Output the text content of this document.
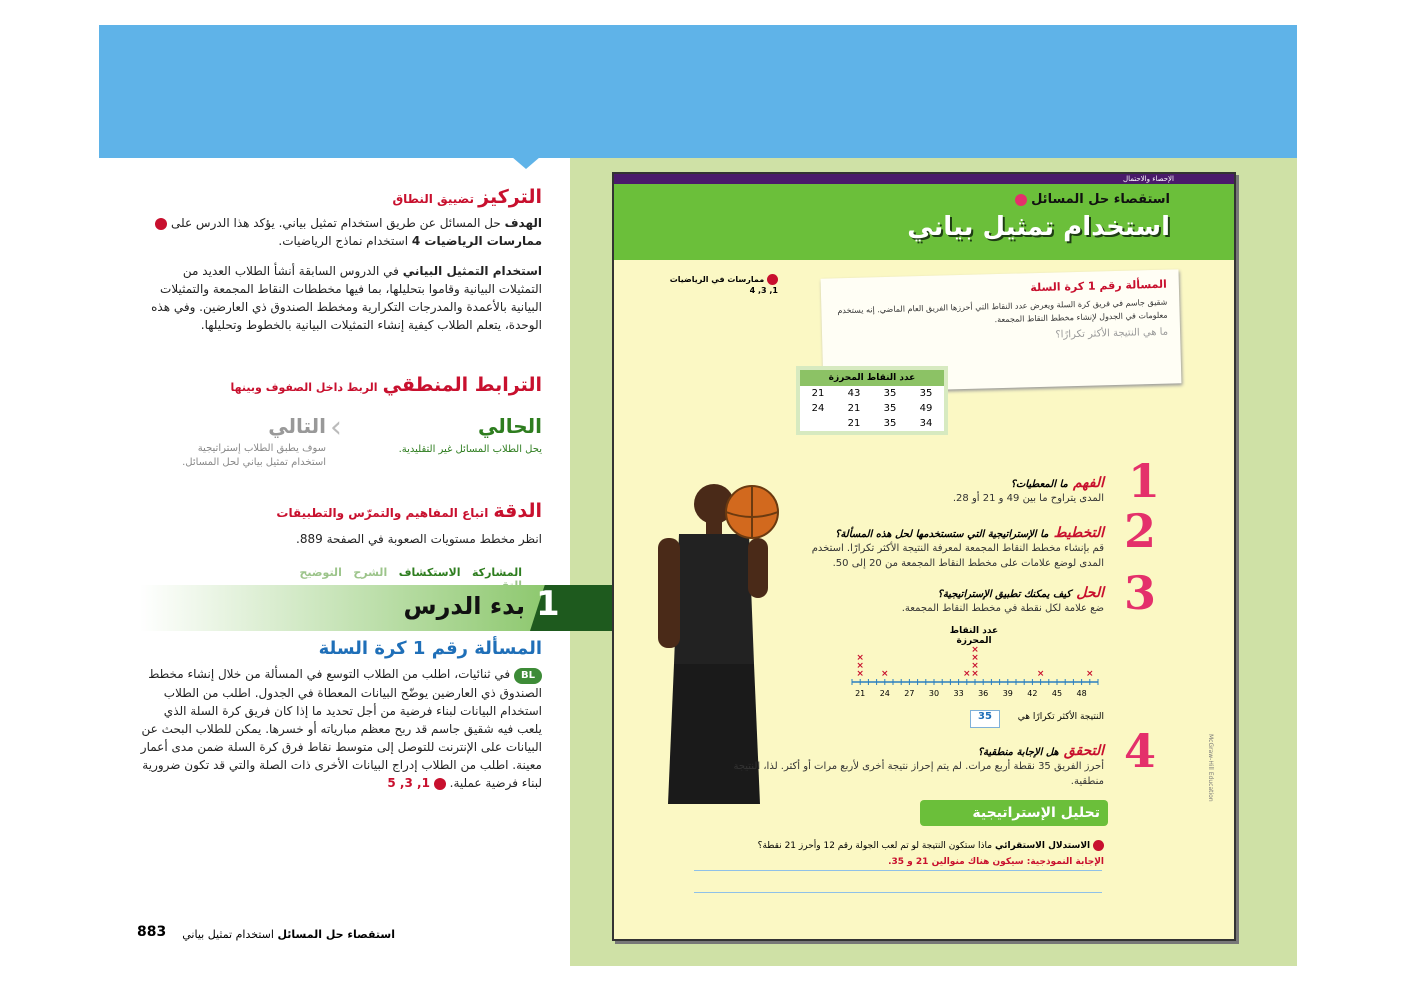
التركيز تضييق النطاق
الهدف حل المسائل عن طريق استخدام تمثيل بياني. يؤكد هذا الدرس على
ممارسات الرياضيات 4 استخدام نماذج الرياضيات.
استخدام التمثيل البياني في الدروس السابقة أنشأ الطلاب العديد من التمثيلات البيانية وقاموا بتحليلها، بما فيها مخططات النقاط المجمعة والتمثيلات البيانية بالأعمدة والمدرجات التكرارية ومخطط الصندوق ذي العارضين. وفي هذه الوحدة، يتعلم الطلاب كيفية إنشاء التمثيلات البيانية بالخطوط وتحليلها.
الترابط المنطقي الربط داخل الصفوف وبينها
الحالي
يحل الطلاب المسائل غير التقليدية.
‹
التالي
سوف يطبق الطلاب إستراتيجية استخدام تمثيل بياني لحل المسائل.
الدقة اتباع المفاهيم والتمرّس والتطبيقات
انظر مخطط مستويات الصعوبة في الصفحة 889.
المشاركة   الاستكشاف   الشرح   التوضيح
1
بدء الدرس
المسألة رقم 1 كرة السلة
BL في ثنائيات، اطلب من الطلاب التوسع في المسألة من خلال إنشاء مخطط الصندوق ذي العارضين يوضّح البيانات المعطاة في الجدول. اطلب من الطلاب استخدام البيانات لبناء فرضية من أجل تحديد ما إذا كان فريق كرة السلة الذي يلعب فيه شقيق جاسم قد ربح معظم مبارياته أو خسرها. يمكن للطلاب البحث عن البيانات على الإنترنت للتوصل إلى متوسط نقاط فرق كرة السلة ضمن مدى أعمار معينة. اطلب من الطلاب إدراج البيانات الأخرى ذات الصلة والتي قد تكون ضرورية لبناء فرضية عملية.  1, 3, 5
883	استقصاء حل المسائل استخدام تمثيل بياني
الإحصاء والاحتمال
استقصاء حل المسائل
استخدام تمثيل بياني
ممارسات في الرياضيات
1, 3, 4	المسألة رقم 1 كرة السلة
شقيق جاسم في فريق كرة السلة ويعرض عدد النقاط التي أحرزها الفريق العام الماضي. إنه يستخدم معلومات في الجدول لإنشاء مخطط النقاط المجمعة.
ما هي النتيجة الأكثر تكرارًا؟
عدد النقاط المحرزة
35	35	43	21
49	35	21	24
34	35	21	
1
2
3
4
الفهم ما المعطيات؟
المدى يتراوح ما بين 49 و 21 أو 28.
التخطيط ما الإستراتيجية التي ستستخدمها لحل هذه المسألة؟
قم بإنشاء مخطط النقاط المجمعة لمعرفة النتيجة الأكثر تكرارًا. استخدم المدى لوضع علامات على مخطط النقاط المجمعة من 20 إلى 50.
الحل كيف يمكنك تطبيق الإستراتيجية؟
ضع علامة لكل نقطة في مخطط النقاط المجمعة.
عدد النقاط المحرزة
21 24 27 30 33 36 39 42 45 48
×
×
×
×	× ×
×
×
×
×	×
النتيجة الأكثر تكرارًا هي
35
التحقق هل الإجابة منطقية؟
أحرز الفريق 35 نقطة أربع مرات. لم يتم إحراز نتيجة أخرى لأربع مرات أو أكثر. لذا، النتيجة منطقية.
تحليل الإستراتيجية
الاستدلال الاستقرائي ماذا ستكون النتيجة لو تم لعب الجولة رقم 12 وأحرز 21 نقطة؟
الإجابة النموذجية: سيكون هناك منوالين 21 و 35.
McGraw-Hill Education
